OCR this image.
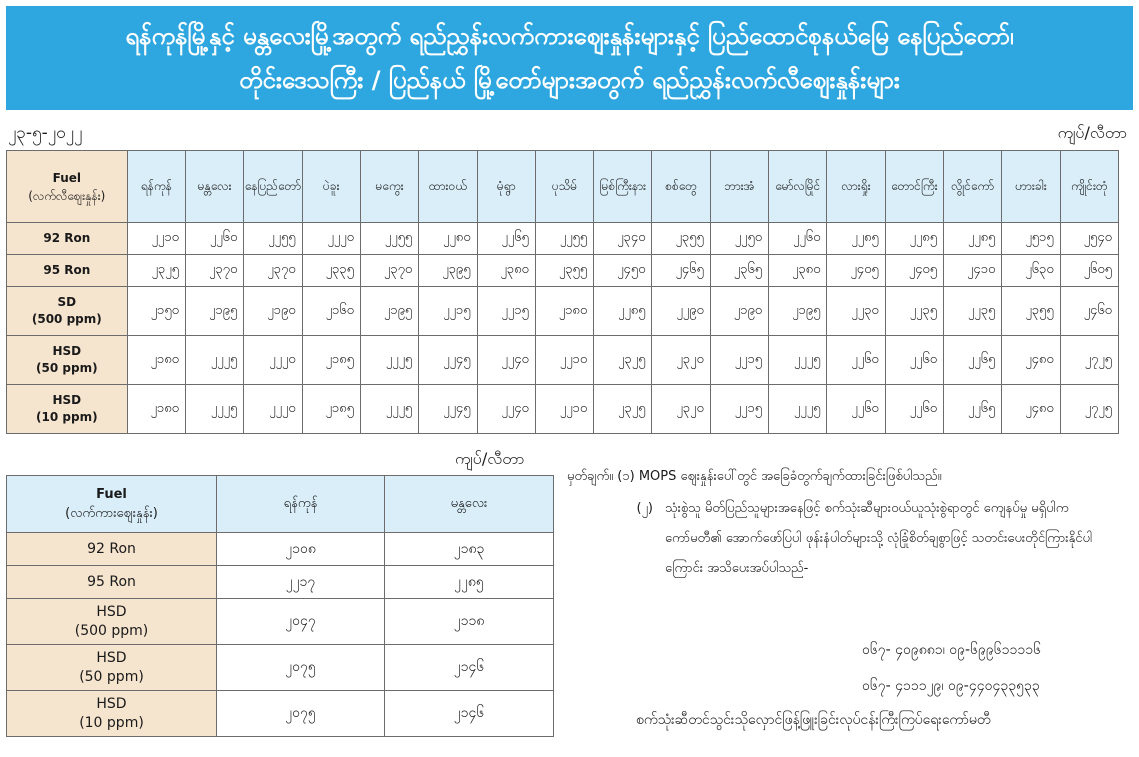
ရန်ကုန်မြို့နှင့် မန္တလေးမြို့အတွက် ရည်ညွှန်းလက်ကားဈေးနှုန်းများနှင့် ပြည်ထောင်စုနယ်မြေ နေပြည်တော်၊
တိုင်းဒေသကြီး / ပြည်နယ် မြို့တော်များအတွက် ရည်ညွှန်းလက်လီဈေးနှုန်းများ
၂၃-၅-၂၀၂၂	ကျပ်/လီတာ
Fuel
(လက်လီဈေးနှုန်း)	ရန်ကုန်	မန္တလေး	နေပြည်တော်	ပဲခူး	မကွေး	ထားဝယ်	မုံရွာ	ပုသိမ်	မြစ်ကြီးနား	စစ်တွေ	ဘားအံ	မော်လမြိုင်	လားရှိုး	တောင်ကြီး	လွိုင်ကော်	ဟားခါး	ကျိုင်းတုံ
92 Ron	၂၂၁၀	၂၂၆၀	၂၂၅၅	၂၂၂၀	၂၂၅၅	၂၂၈၀	၂၂၆၅	၂၂၅၅	၂၃၄၀	၂၃၅၅	၂၂၅၀	၂၂၆၀	၂၂၈၅	၂၂၈၅	၂၂၈၅	၂၅၁၅	၂၅၄၀
95 Ron	၂၃၂၅	၂၃၇၀	၂၃၇၀	၂၃၃၅	၂၃၇၀	၂၃၉၅	၂၃၈၀	၂၃၅၅	၂၄၅၀	၂၄၆၅	၂၃၆၅	၂၃၈၀	၂၄၀၅	၂၄၀၅	၂၄၁၀	၂၆၃၀	၂၆၀၅
SD
(500 ppm)	၂၁၅၀	၂၁၉၅	၂၁၉၀	၂၁၆၀	၂၁၉၅	၂၂၁၅	၂၂၁၅	၂၁၈၀	၂၂၈၅	၂၂၉၀	၂၁၉၀	၂၁၉၅	၂၂၃၀	၂၂၃၅	၂၂၃၅	၂၃၅၅	၂၄၆၀
HSD
(50 ppm)	၂၁၈၀	၂၂၂၅	၂၂၂၀	၂၁၈၅	၂၂၂၅	၂၂၄၅	၂၂၄၀	၂၂၁၀	၂၃၂၅	၂၃၂၀	၂၂၁၅	၂၂၂၅	၂၂၆၀	၂၂၆၀	၂၂၆၅	၂၄၈၀	၂၇၂၅
HSD
(10 ppm)	၂၁၈၀	၂၂၂၅	၂၂၂၀	၂၁၈၅	၂၂၂၅	၂၂၄၅	၂၂၄၀	၂၂၁၀	၂၃၂၅	၂၃၂၀	၂၂၁၅	၂၂၂၅	၂၂၆၀	၂၂၆၀	၂၂၆၅	၂၄၈၀	၂၇၂၅
ကျပ်/လီတာ
Fuel
(လက်ကားဈေးနှုန်း)	ရန်ကုန်	မန္တလေး
92 Ron	၂၁၀၈	၂၁၈၃
95 Ron	၂၂၁၇	၂၂၈၅
HSD
(500 ppm)	၂၀၄၇	၂၁၁၈
HSD
(50 ppm)	၂၀၇၅	၂၁၄၆
HSD
(10 ppm)	၂၀၇၅	၂၁၄၆
မှတ်ချက်။ (၁) MOPS ဈေးနှုန်းပေါ်တွင် အခြေခံတွက်ချက်ထားခြင်းဖြစ်ပါသည်။
(၂) သုံးစွဲသူ မိတ်ပြည်သူများအနေဖြင့် စက်သုံးဆီများဝယ်ယူသုံးစွဲရာတွင် ကျေနပ်မှု မရှိပါက ကော်မတီ၏ အောက်ဖော်ပြပါ ဖုန်းနံပါတ်များသို့ လုံခြုံစိတ်ချစွာဖြင့် သတင်းပေးတိုင်ကြားနိုင်ပါကြောင်း အသိပေးအပ်ပါသည်-
၀၆၇- ၄၀၉၈၈၁၊ ၀၉-၆၉၉၆၁၁၁၁၆
၀၆၇- ၄၁၁၁၂၉၊ ၀၉-၄၄၀၄၃၃၅၃၃
စက်သုံးဆီတင်သွင်းသိုလှောင်ဖြန့်ဖြူးခြင်းလုပ်ငန်းကြီးကြပ်ရေးကော်မတီ
